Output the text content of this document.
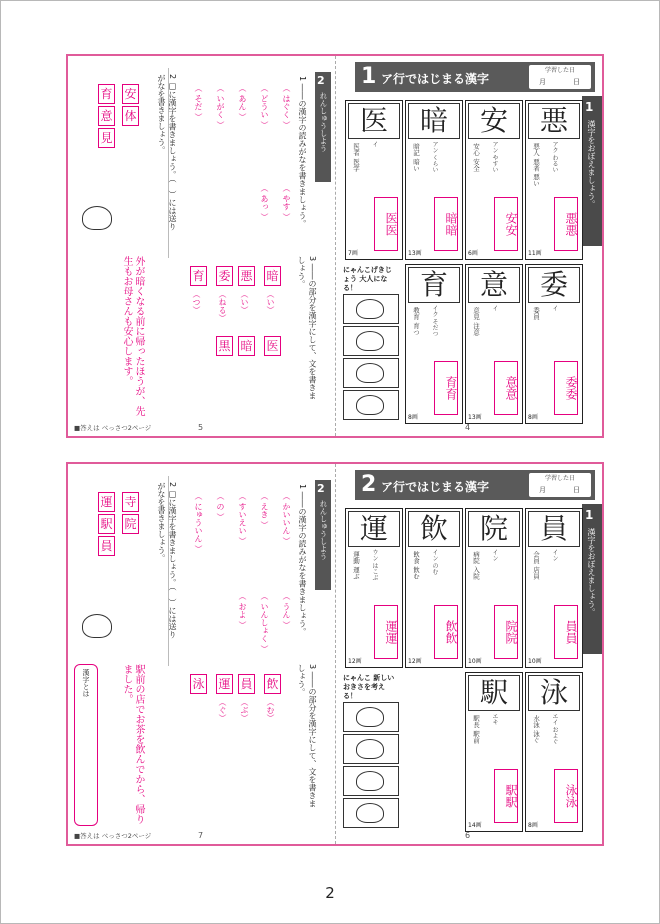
2
れんしゅうしよう
1 ――の漢字の読みがなを書きましょう。
（ はぐく ）
（ どうい ）
（ あん ）
（ いがく ）
（ そだ ）
（ やす ）
（ あっ ）
2 □に漢字を書きましょう。（　）には送りがなを書きましょう。
安
体
育
意
見
3 ――の部分を漢字にして、文を書きましょう。
暗
悪
委
育
医
暗
黒
（い）
（い）
（ねる）
（つ）
外が暗くなる前に帰ったほうが、先生もお母さんも安心します。
5
■答えは べっさつ2ページ
1 ア行ではじまる漢字
学習した日
月	日
1
漢字をおぼえましょう。
悪
悪人 悪者 悪い アク わるい
悪悪
11画
安
安心 安全 アン やすい
安安
6画
暗
暗記 暗い アン くらい
暗暗
13画
医
医者 医学 イ
医医
7画
委
委員 イ
委委
8画
意
意見 注意 イ
意意
13画
育
教育 育つ イク そだつ
育育
8画
にゃんこげきじょう 大人になる！
4
2
れんしゅうしよう
1 ――の漢字の読みがなを書きましょう。
（ かいいん ）
（ えき ）
（ すいえい ）
（ の ）
（ にゅういん ）
（ うん ）
（ いんしょく ）
（ およ ）
2 □に漢字を書きましょう。（　）には送りがなを書きましょう。
寺
院
運
駅
員
3 ――の部分を漢字にして、文を書きましょう。
飲
員
運
泳
（む）
（ぶ）
（ぐ）
駅前の店でお茶を飲んでから、帰りました。
漢字とは
7
■答えは べっさつ2ページ
2 ア行ではじまる漢字
学習した日
月	日
1
漢字をおぼえましょう。
員
会員 店員 イン
員員
10画
院
病院 入院 イン
院院
10画
飲
飲食 飲む イン のむ
飲飲
12画
運
運動 運ぶ ウン はこぶ
運運
12画
泳
水泳 泳ぐ エイ およぐ
泳泳
8画
駅
駅長 駅前 エキ
駅駅
14画
にゃんこ 新しいおきさを考える！
6
2
